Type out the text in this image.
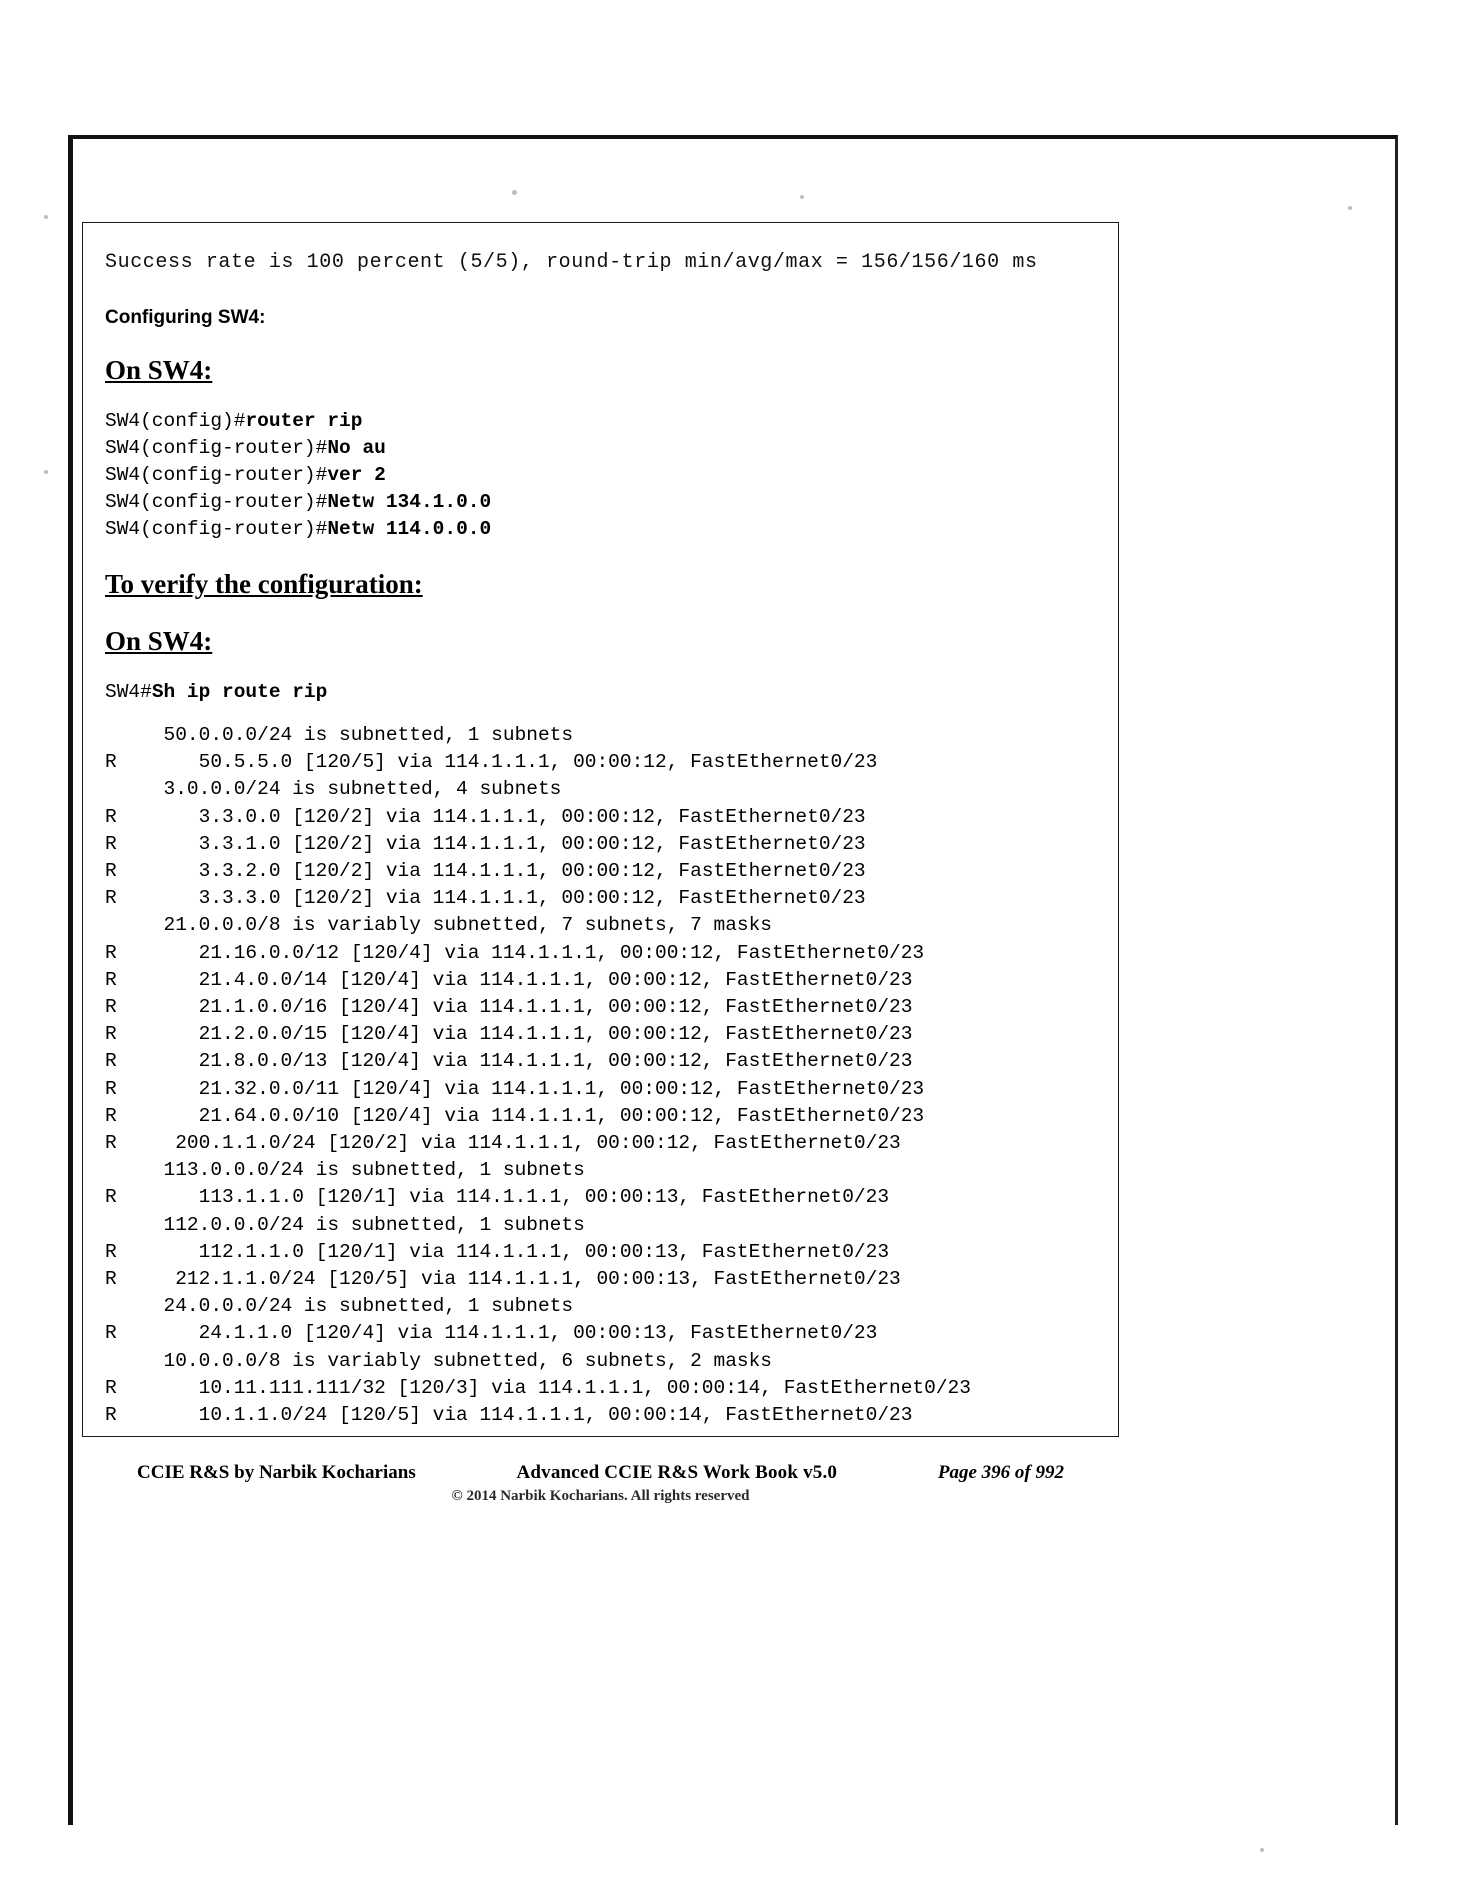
Success rate is 100 percent (5/5), round-trip min/avg/max = 156/156/160 ms
Configuring SW4:
On SW4:
SW4(config)#router rip
SW4(config-router)#No au
SW4(config-router)#ver 2
SW4(config-router)#Netw 134.1.0.0
SW4(config-router)#Netw 114.0.0.0
To verify the configuration:
On SW4:
SW4#Sh ip route rip
50.0.0.0/24 is subnetted, 1 subnets
R       50.5.5.0 [120/5] via 114.1.1.1, 00:00:12, FastEthernet0/23
3.0.0.0/24 is subnetted, 4 subnets
R       3.3.0.0 [120/2] via 114.1.1.1, 00:00:12, FastEthernet0/23
R       3.3.1.0 [120/2] via 114.1.1.1, 00:00:12, FastEthernet0/23
R       3.3.2.0 [120/2] via 114.1.1.1, 00:00:12, FastEthernet0/23
R       3.3.3.0 [120/2] via 114.1.1.1, 00:00:12, FastEthernet0/23
21.0.0.0/8 is variably subnetted, 7 subnets, 7 masks
R       21.16.0.0/12 [120/4] via 114.1.1.1, 00:00:12, FastEthernet0/23
R       21.4.0.0/14 [120/4] via 114.1.1.1, 00:00:12, FastEthernet0/23
R       21.1.0.0/16 [120/4] via 114.1.1.1, 00:00:12, FastEthernet0/23
R       21.2.0.0/15 [120/4] via 114.1.1.1, 00:00:12, FastEthernet0/23
R       21.8.0.0/13 [120/4] via 114.1.1.1, 00:00:12, FastEthernet0/23
R       21.32.0.0/11 [120/4] via 114.1.1.1, 00:00:12, FastEthernet0/23
R       21.64.0.0/10 [120/4] via 114.1.1.1, 00:00:12, FastEthernet0/23
R     200.1.1.0/24 [120/2] via 114.1.1.1, 00:00:12, FastEthernet0/23
113.0.0.0/24 is subnetted, 1 subnets
R       113.1.1.0 [120/1] via 114.1.1.1, 00:00:13, FastEthernet0/23
112.0.0.0/24 is subnetted, 1 subnets
R       112.1.1.0 [120/1] via 114.1.1.1, 00:00:13, FastEthernet0/23
R     212.1.1.0/24 [120/5] via 114.1.1.1, 00:00:13, FastEthernet0/23
24.0.0.0/24 is subnetted, 1 subnets
R       24.1.1.0 [120/4] via 114.1.1.1, 00:00:13, FastEthernet0/23
10.0.0.0/8 is variably subnetted, 6 subnets, 2 masks
R       10.11.111.111/32 [120/3] via 114.1.1.1, 00:00:14, FastEthernet0/23
R       10.1.1.0/24 [120/5] via 114.1.1.1, 00:00:14, FastEthernet0/23
CCIE R&S by Narbik Kocharians	Advanced CCIE R&S Work Book v5.0	Page 396 of 992
© 2014 Narbik Kocharians. All rights reserved
